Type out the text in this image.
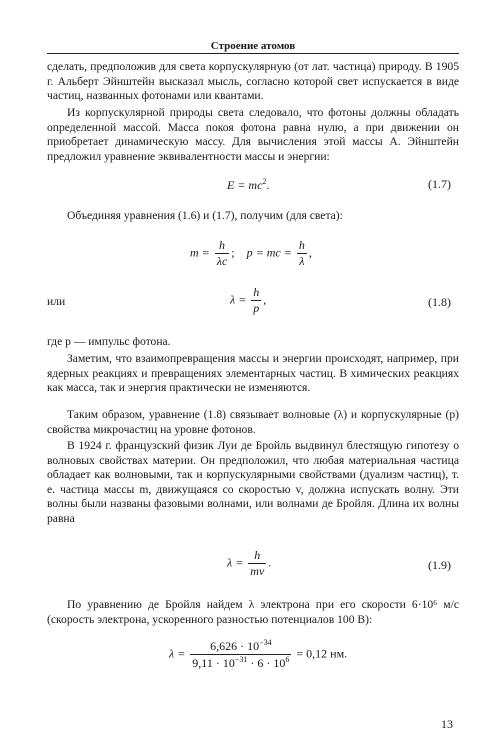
Строение атомов

сделать, предположив для света корпускулярную (от лат. частица) природу. В 1905 г. Альберт Эйнштейн высказал мысль, согласно которой свет испускается в виде частиц, названных фотонами или квантами.

Из корпускулярной природы света следовало, что фотоны должны обладать определенной массой. Масса покоя фотона равна нулю, а при движении он приобретает динамическую массу. Для вычисления этой массы А. Эйнштейн предложил уравнение эквивалентности массы и энергии:

$E = mc^2$.	(1.7)

Объединяя уравнения (1.6) и (1.7), получим (для света):

$m = \frac{h}{\lambda c}$ ; p = mc = $\frac{h}{\lambda}$ ,
или	$\lambda = \frac{h}{p}$ ,	(1.8)

где p — импульс фотона.

Заметим, что взаимопревращения массы и энергии происходят, например, при ядерных реакциях и превращениях элементарных частиц. В химических реакциях как масса, так и энергия практически не изменяются.

Таким образом, уравнение (1.8) связывает волновые (λ) и корпускулярные (p) свойства микрочастиц на уровне фотонов.

В 1924 г. французский физик Луи де Бройль выдвинул блестящую гипотезу о волновых свойствах материи. Он предположил, что любая материальная частица обладает как волновыми, так и корпускулярными свойствами (дуализм частиц), т. е. частица массы m, движущаяся со скоростью v, должна испускать волну. Эти волны были названы фазовыми волнами, или волнами де Бройля. Длина их волны равна

$\lambda = \frac{h}{mv}$ .	(1.9)

По уравнению де Бройля найдем λ электрона при его скорости 6·10⁶ м/с (скорость электрона, ускоренного разностью потенциалов 100 В):

$\lambda = \frac{6,626 \cdot 10^{-34}}{9,11 \cdot 10^{-31} \cdot 6 \cdot 10^6} = 0,12$ нм.
13
